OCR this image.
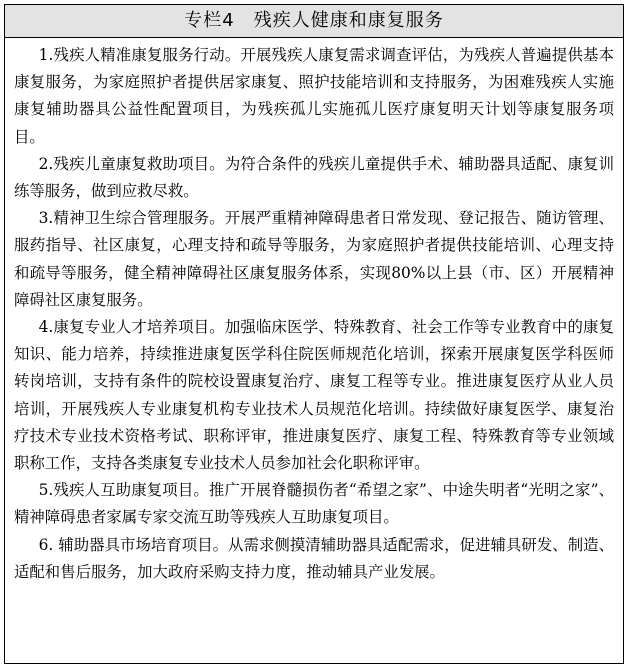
专栏4　残疾人健康和康复服务

1.残疾人精准康复服务行动。开展残疾人康复需求调查评估，为残疾人普遍提供基本康复服务，为家庭照护者提供居家康复、照护技能培训和支持服务，为困难残疾人实施康复辅助器具公益性配置项目，为残疾孤儿实施孤儿医疗康复明天计划等康复服务项目。

2.残疾儿童康复救助项目。为符合条件的残疾儿童提供手术、辅助器具适配、康复训练等服务，做到应救尽救。

3.精神卫生综合管理服务。开展严重精神障碍患者日常发现、登记报告、随访管理、服药指导、社区康复，心理支持和疏导等服务，为家庭照护者提供技能培训、心理支持和疏导等服务，健全精神障碍社区康复服务体系，实现80%以上县（市、区）开展精神障碍社区康复服务。

4.康复专业人才培养项目。加强临床医学、特殊教育、社会工作等专业教育中的康复知识、能力培养，持续推进康复医学科住院医师规范化培训，探索开展康复医学科医师转岗培训，支持有条件的院校设置康复治疗、康复工程等专业。推进康复医疗从业人员培训，开展残疾人专业康复机构专业技术人员规范化培训。持续做好康复医学、康复治疗技术专业技术资格考试、职称评审，推进康复医疗、康复工程、特殊教育等专业领域职称工作，支持各类康复专业技术人员参加社会化职称评审。

5.残疾人互助康复项目。推广开展脊髓损伤者“希望之家”、中途失明者“光明之家”、精神障碍患者家属专家交流互助等残疾人互助康复项目。

6. 辅助器具市场培育项目。从需求侧摸清辅助器具适配需求，促进辅具研发、制造、适配和售后服务，加大政府采购支持力度，推动辅具产业发展。
